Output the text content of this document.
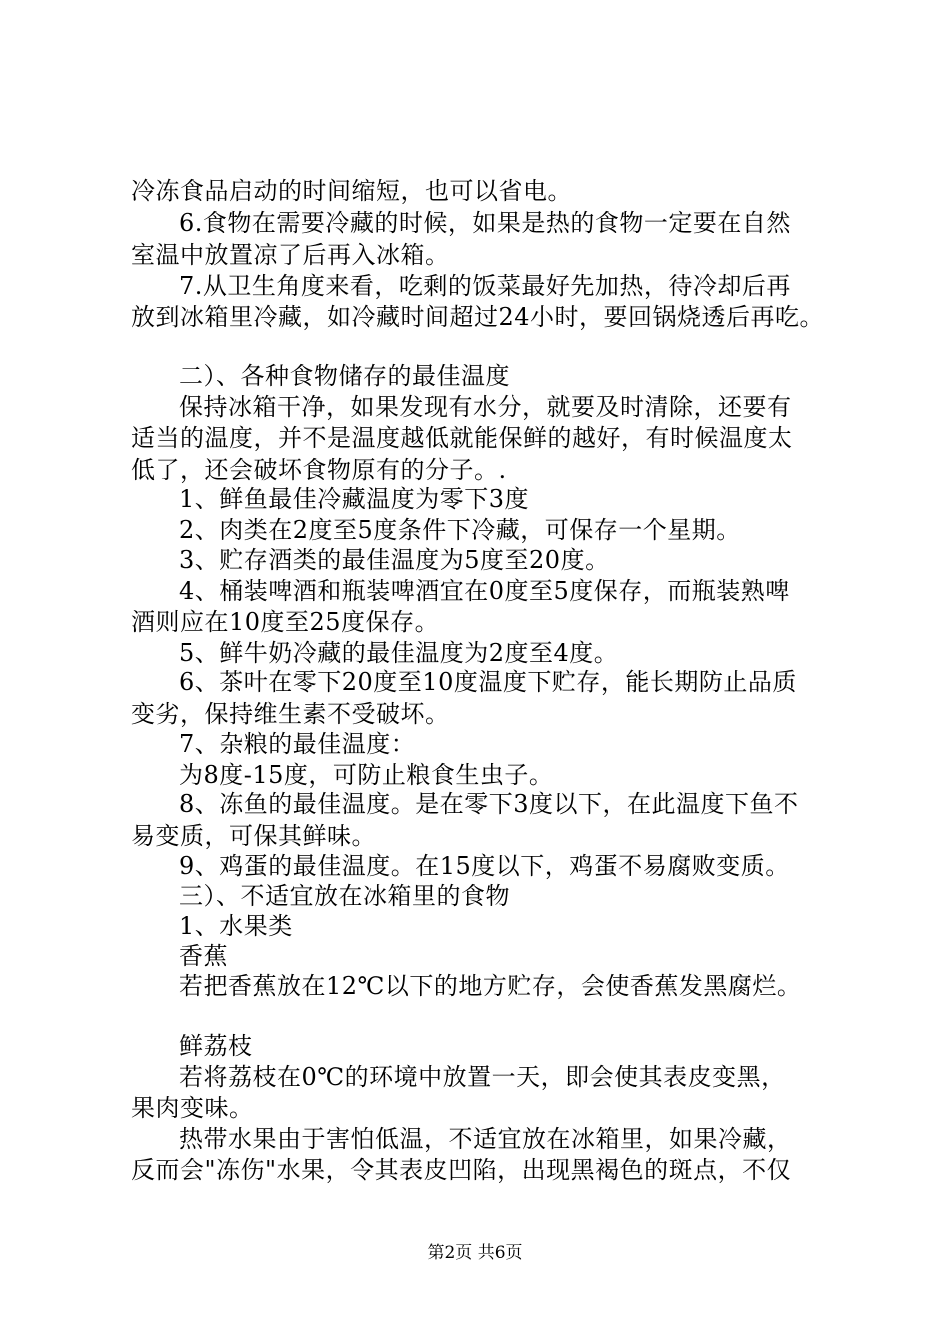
冷冻食品启动的时间缩短，也可以省电。
6.食物在需要冷藏的时候，如果是热的食物一定要在自然
室温中放置凉了后再入冰箱。
7.从卫生角度来看，吃剩的饭菜最好先加热，待冷却后再
放到冰箱里冷藏，如冷藏时间超过24小时，要回锅烧透后再吃。
二）、各种食物储存的最佳温度
保持冰箱干净，如果发现有水分，就要及时清除，还要有
适当的温度，并不是温度越低就能保鲜的越好，有时候温度太
低了，还会破坏食物原有的分子。.
1、鲜鱼最佳冷藏温度为零下3度
2、肉类在2度至5度条件下冷藏，可保存一个星期。
3、贮存酒类的最佳温度为5度至20度。
4、桶装啤酒和瓶装啤酒宜在0度至5度保存，而瓶装熟啤
酒则应在10度至25度保存。
5、鲜牛奶冷藏的最佳温度为2度至4度。
6、茶叶在零下20度至10度温度下贮存，能长期防止品质
变劣，保持维生素不受破坏。
7、杂粮的最佳温度：
为8度-15度，可防止粮食生虫子。
8、冻鱼的最佳温度。是在零下3度以下，在此温度下鱼不
易变质，可保其鲜味。
9、鸡蛋的最佳温度。在15度以下，鸡蛋不易腐败变质。
三）、不适宜放在冰箱里的食物
1、水果类
香蕉
若把香蕉放在12℃以下的地方贮存，会使香蕉发黑腐烂。
鲜荔枝
若将荔枝在0℃的环境中放置一天，即会使其表皮变黑，
果肉变味。
热带水果由于害怕低温，不适宜放在冰箱里，如果冷藏，
反而会"冻伤"水果，令其表皮凹陷，出现黑褐色的斑点，不仅
第2页 共6页
